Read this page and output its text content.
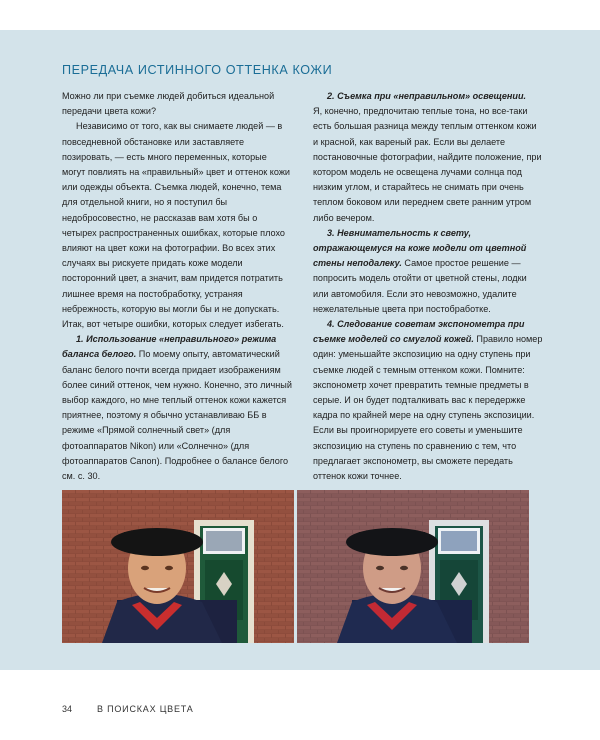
ПЕРЕДАЧА ИСТИННОГО ОТТЕНКА КОЖИ

Можно ли при съемке людей добиться идеальной передачи цвета кожи?

Независимо от того, как вы снимаете людей — в повседневной обстановке или заставляете позировать, — есть много переменных, которые могут повлиять на «правильный» цвет и оттенок кожи или одежды объекта. Съемка людей, конечно, тема для отдельной книги, но я поступил бы недобросовестно, не рассказав вам хотя бы о четырех распространенных ошибках, которые плохо влияют на цвет кожи на фотографии. Во всех этих случаях вы рискуете придать коже модели посторонний цвет, а значит, вам придется потратить лишнее время на постобработку, устраняя небрежность, которую вы могли бы и не допускать. Итак, вот четыре ошибки, которых следует избегать.

1. Использование «неправильного» режима баланса белого. По моему опыту, автоматический баланс белого почти всегда придает изображениям более синий оттенок, чем нужно. Конечно, это личный выбор каждого, но мне теплый оттенок кожи кажется приятнее, поэтому я обычно устанавливаю ББ в режиме «Прямой солнечный свет» (для фотоаппаратов Nikon) или «Солнечно» (для фотоаппаратов Canon). Подробнее о балансе белого см. с. 30.

2. Съемка при «неправильном» освещении.

Я, конечно, предпочитаю теплые тона, но все-таки есть большая разница между теплым оттенком кожи и красной, как вареный рак. Если вы делаете постановочные фотографии, найдите положение, при котором модель не освещена лучами солнца под низким углом, и старайтесь не снимать при очень теплом боковом или переднем свете ранним утром либо вечером.

3. Невнимательность к свету, отражающемуся на коже модели от цветной стены неподалеку. Самое простое решение — попросить модель отойти от цветной стены, лодки или автомобиля. Если это невозможно, удалите нежелательные цвета при постобработке.

4. Следование советам экспонометра при съемке моделей со смуглой кожей. Правило номер один: уменьшайте экспозицию на одну ступень при съемке людей с темным оттенком кожи. Помните: экспонометр хочет превратить темные предметы в серые. И он будет подталкивать вас к передержке кадра по крайней мере на одну ступень экспозиции. Если вы проигнорируете его советы и уменьшите экспозицию на ступень по сравнению с тем, что предлагает экспонометр, вы сможете передать оттенок кожи точнее.

34	В ПОИСКАХ ЦВЕТА
